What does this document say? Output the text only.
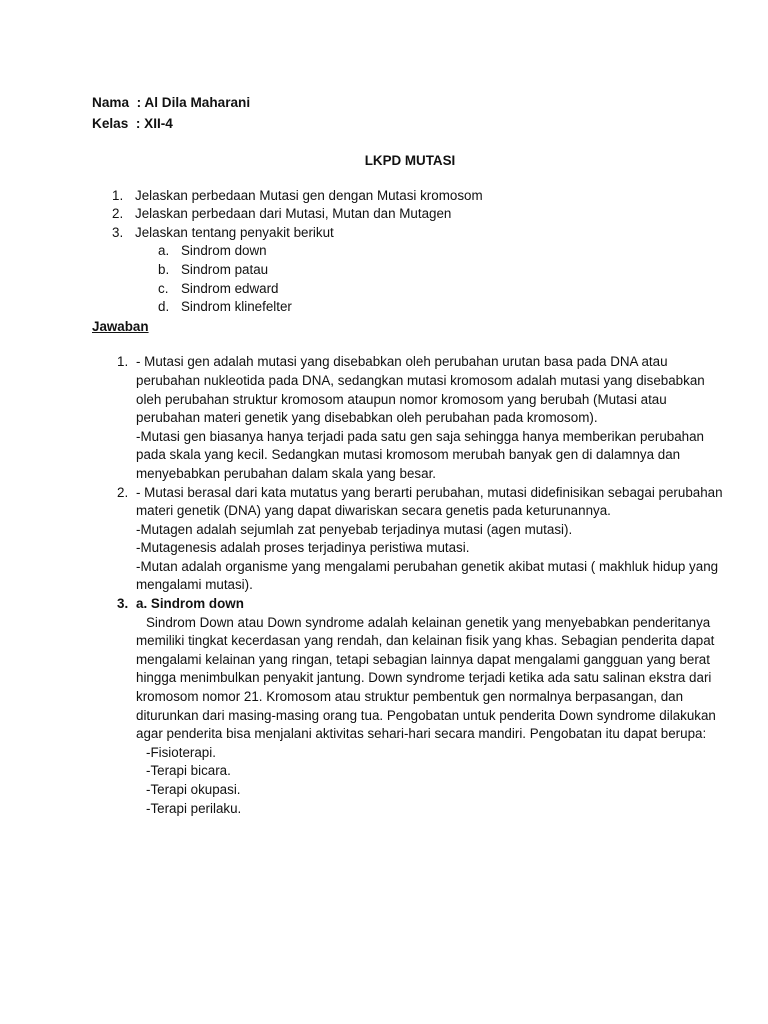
Nama  : Al Dila Maharani
Kelas  : XII-4
LKPD MUTASI
1. Jelaskan perbedaan Mutasi gen dengan Mutasi kromosom
2. Jelaskan perbedaan dari Mutasi, Mutan dan Mutagen
3. Jelaskan tentang penyakit berikut
a. Sindrom down
b. Sindrom patau
c. Sindrom edward
d. Sindrom klinefelter
Jawaban
1. - Mutasi gen adalah mutasi yang disebabkan oleh perubahan urutan basa pada DNA atau perubahan nukleotida pada DNA, sedangkan mutasi kromosom adalah mutasi yang disebabkan oleh perubahan struktur kromosom ataupun nomor kromosom yang berubah (Mutasi atau perubahan materi genetik yang disebabkan oleh perubahan pada kromosom).

-Mutasi gen biasanya hanya terjadi pada satu gen saja sehingga hanya memberikan perubahan pada skala yang kecil. Sedangkan mutasi kromosom merubah banyak gen di dalamnya dan menyebabkan perubahan dalam skala yang besar.

2. - Mutasi berasal dari kata mutatus yang berarti perubahan, mutasi didefinisikan sebagai perubahan materi genetik (DNA) yang dapat diwariskan secara genetis pada keturunannya.

-Mutagen adalah sejumlah zat penyebab terjadinya mutasi (agen mutasi).

-Mutagenesis adalah proses terjadinya peristiwa mutasi.

-Mutan adalah organisme yang mengalami perubahan genetik akibat mutasi ( makhluk hidup yang mengalami mutasi).

3. a. Sindrom down

Sindrom Down atau Down syndrome adalah kelainan genetik yang menyebabkan penderitanya memiliki tingkat kecerdasan yang rendah, dan kelainan fisik yang khas. Sebagian penderita dapat mengalami kelainan yang ringan, tetapi sebagian lainnya dapat mengalami gangguan yang berat hingga menimbulkan penyakit jantung. Down syndrome terjadi ketika ada satu salinan ekstra dari kromosom nomor 21. Kromosom atau struktur pembentuk gen normalnya berpasangan, dan diturunkan dari masing-masing orang tua. Pengobatan untuk penderita Down syndrome dilakukan agar penderita bisa menjalani aktivitas sehari-hari secara mandiri. Pengobatan itu dapat berupa:

-Fisioterapi.
-Terapi bicara.
-Terapi okupasi.
-Terapi perilaku.
